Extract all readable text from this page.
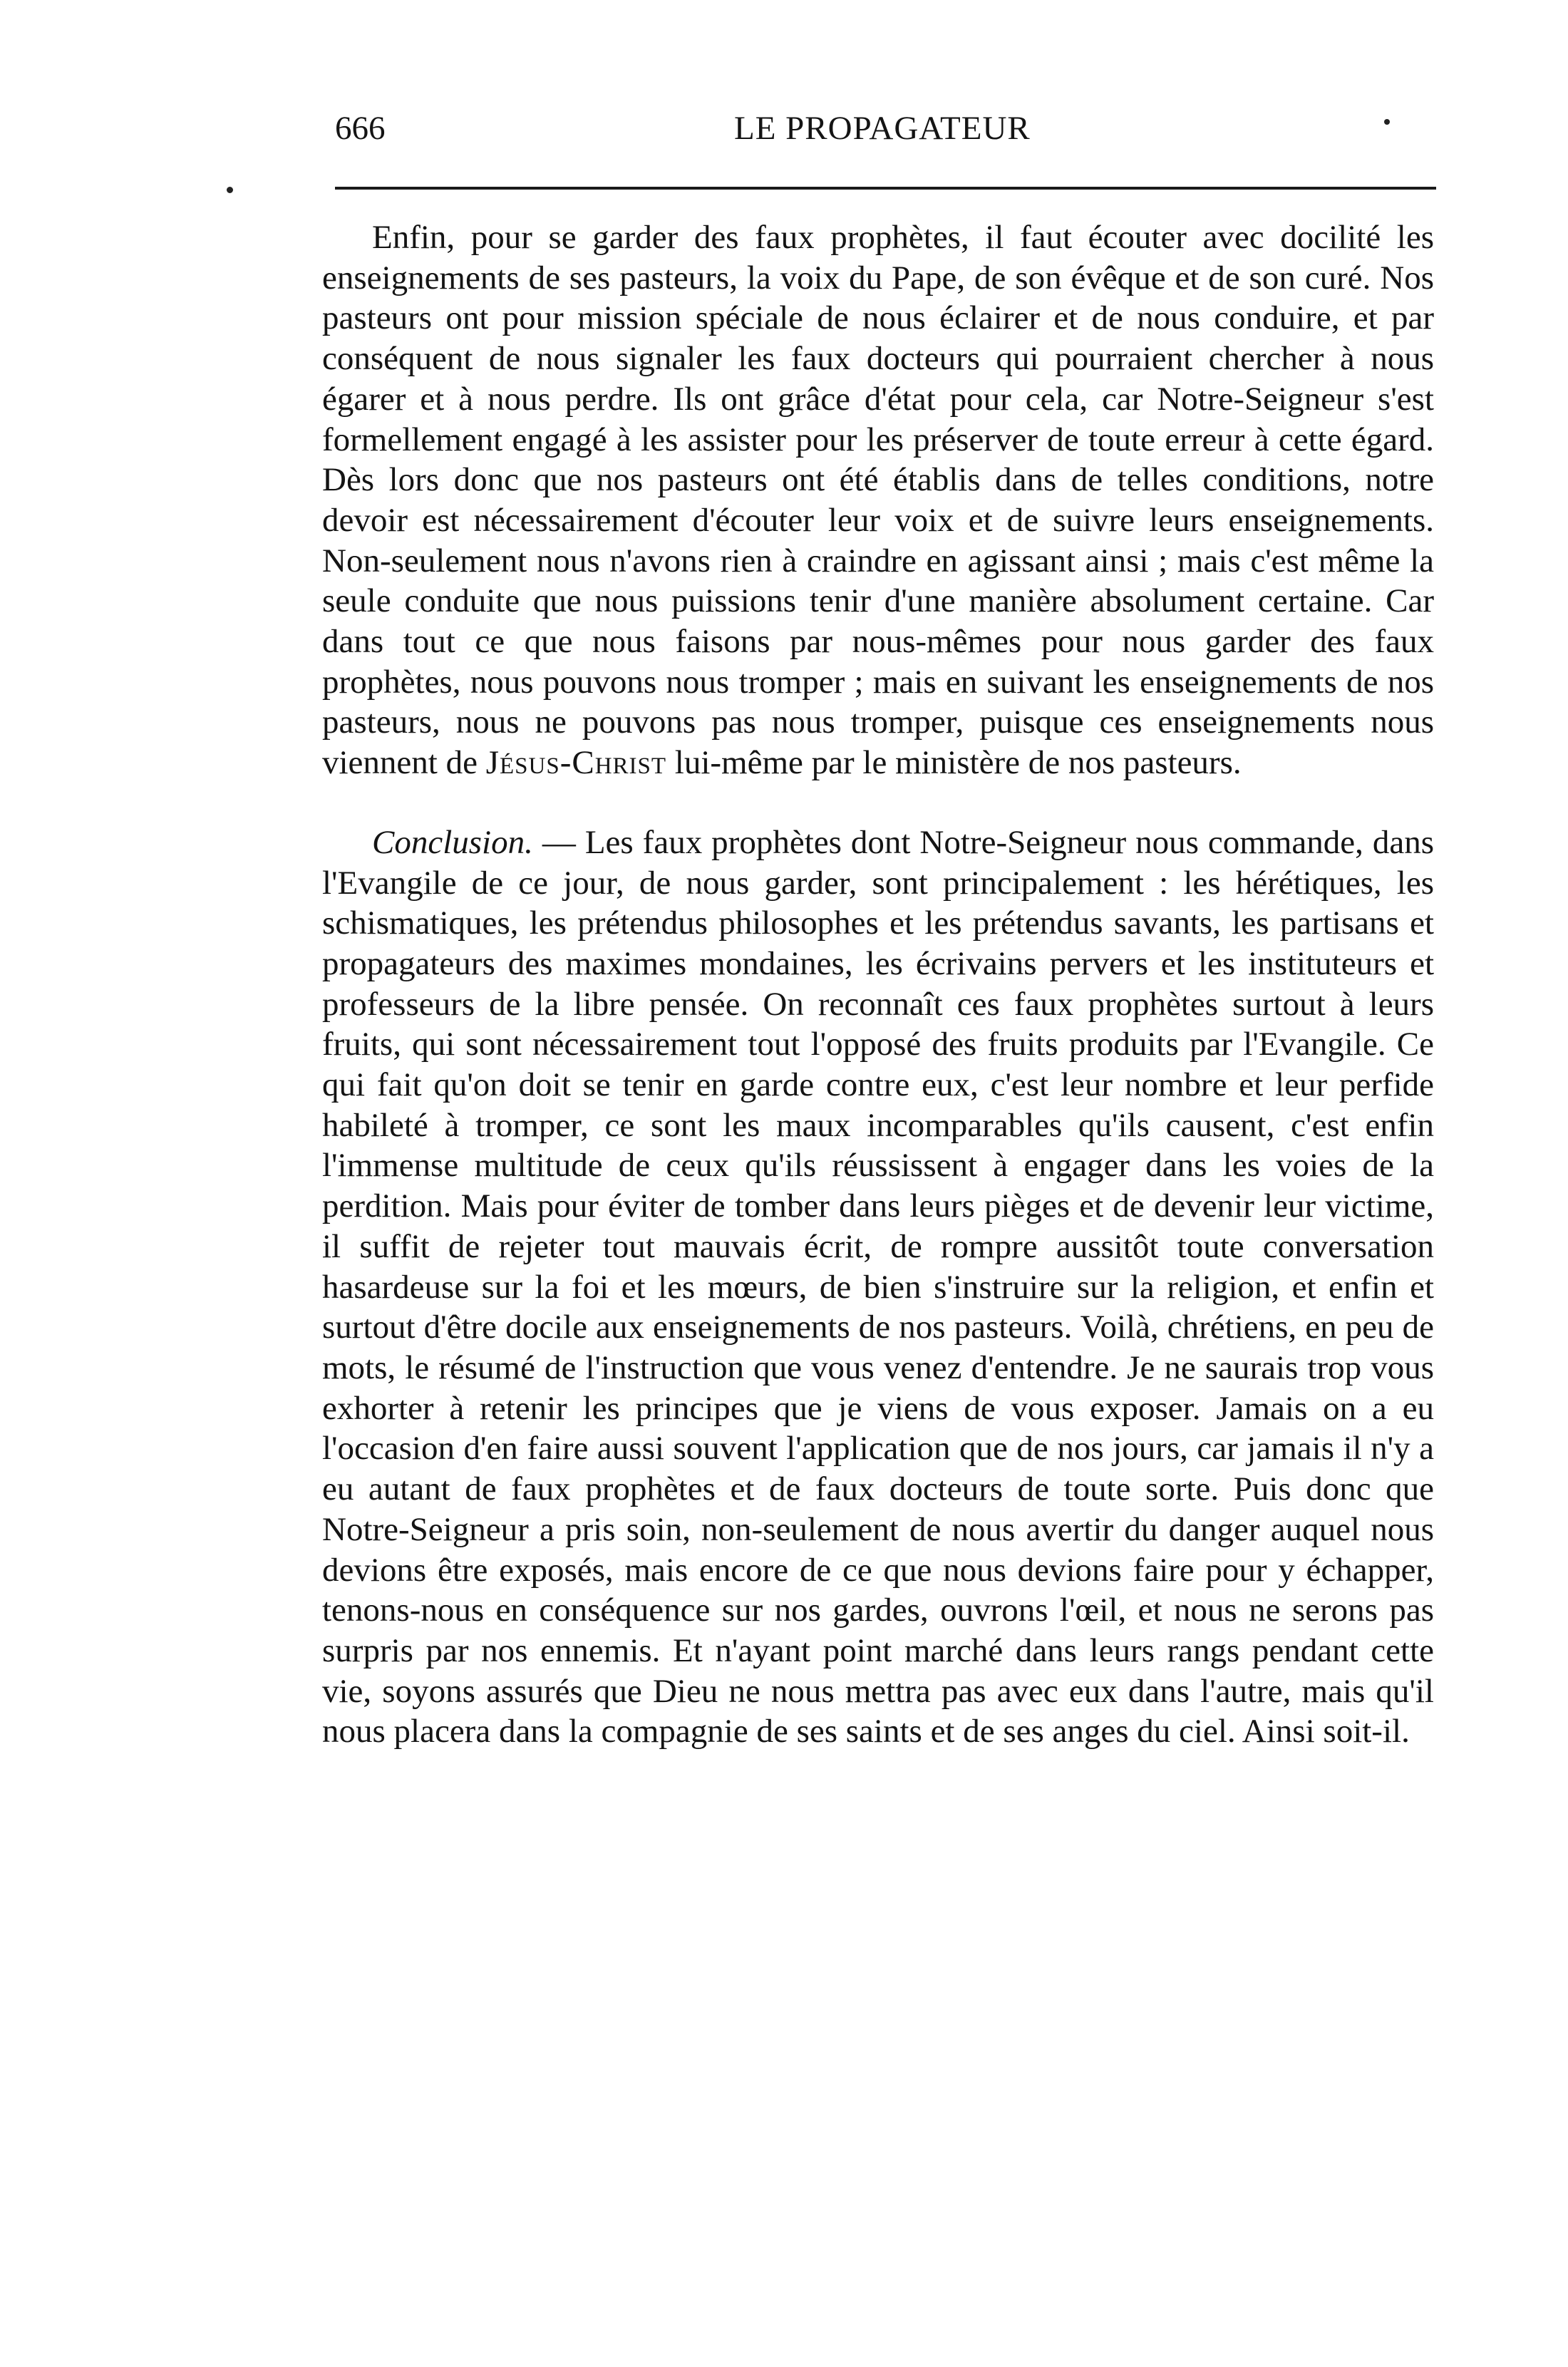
666	LE PROPAGATEUR

Enfin, pour se garder des faux prophètes, il faut écouter avec docilité les enseignements de ses pasteurs, la voix du Pape, de son évêque et de son curé. Nos pasteurs ont pour mission spéciale de nous éclairer et de nous conduire, et par conséquent de nous signaler les faux docteurs qui pourraient chercher à nous égarer et à nous perdre. Ils ont grâce d'état pour cela, car Notre-Seigneur s'est formellement engagé à les assister pour les préserver de toute erreur à cette égard. Dès lors donc que nos pasteurs ont été établis dans de telles conditions, notre devoir est nécessairement d'écouter leur voix et de suivre leurs enseignements. Non-seulement nous n'avons rien à craindre en agissant ainsi ; mais c'est même la seule conduite que nous puissions tenir d'une manière absolument certaine. Car dans tout ce que nous faisons par nous-mêmes pour nous garder des faux prophètes, nous pouvons nous tromper ; mais en suivant les enseignements de nos pasteurs, nous ne pouvons pas nous tromper, puisque ces enseignements nous viennent de Jésus-Christ lui-même par le ministère de nos pasteurs.

Conclusion. — Les faux prophètes dont Notre-Seigneur nous commande, dans l'Evangile de ce jour, de nous garder, sont principalement : les hérétiques, les schismatiques, les prétendus philosophes et les prétendus savants, les partisans et propagateurs des maximes mondaines, les écrivains pervers et les instituteurs et professeurs de la libre pensée. On reconnaît ces faux prophètes surtout à leurs fruits, qui sont nécessairement tout l'opposé des fruits produits par l'Evangile. Ce qui fait qu'on doit se tenir en garde contre eux, c'est leur nombre et leur perfide habileté à tromper, ce sont les maux incomparables qu'ils causent, c'est enfin l'immense multitude de ceux qu'ils réussissent à engager dans les voies de la perdition. Mais pour éviter de tomber dans leurs pièges et de devenir leur victime, il suffit de rejeter tout mauvais écrit, de rompre aussitôt toute conversation hasardeuse sur la foi et les mœurs, de bien s'instruire sur la religion, et enfin et surtout d'être docile aux enseignements de nos pasteurs. Voilà, chrétiens, en peu de mots, le résumé de l'instruction que vous venez d'entendre. Je ne saurais trop vous exhorter à retenir les principes que je viens de vous exposer. Jamais on a eu l'occasion d'en faire aussi souvent l'application que de nos jours, car jamais il n'y a eu autant de faux prophètes et de faux docteurs de toute sorte. Puis donc que Notre-Seigneur a pris soin, non-seulement de nous avertir du danger auquel nous devions être exposés, mais encore de ce que nous devions faire pour y échapper, tenons-nous en conséquence sur nos gardes, ouvrons l'œil, et nous ne serons pas surpris par nos ennemis. Et n'ayant point marché dans leurs rangs pendant cette vie, soyons assurés que Dieu ne nous mettra pas avec eux dans l'autre, mais qu'il nous placera dans la compagnie de ses saints et de ses anges du ciel. Ainsi soit-il.
